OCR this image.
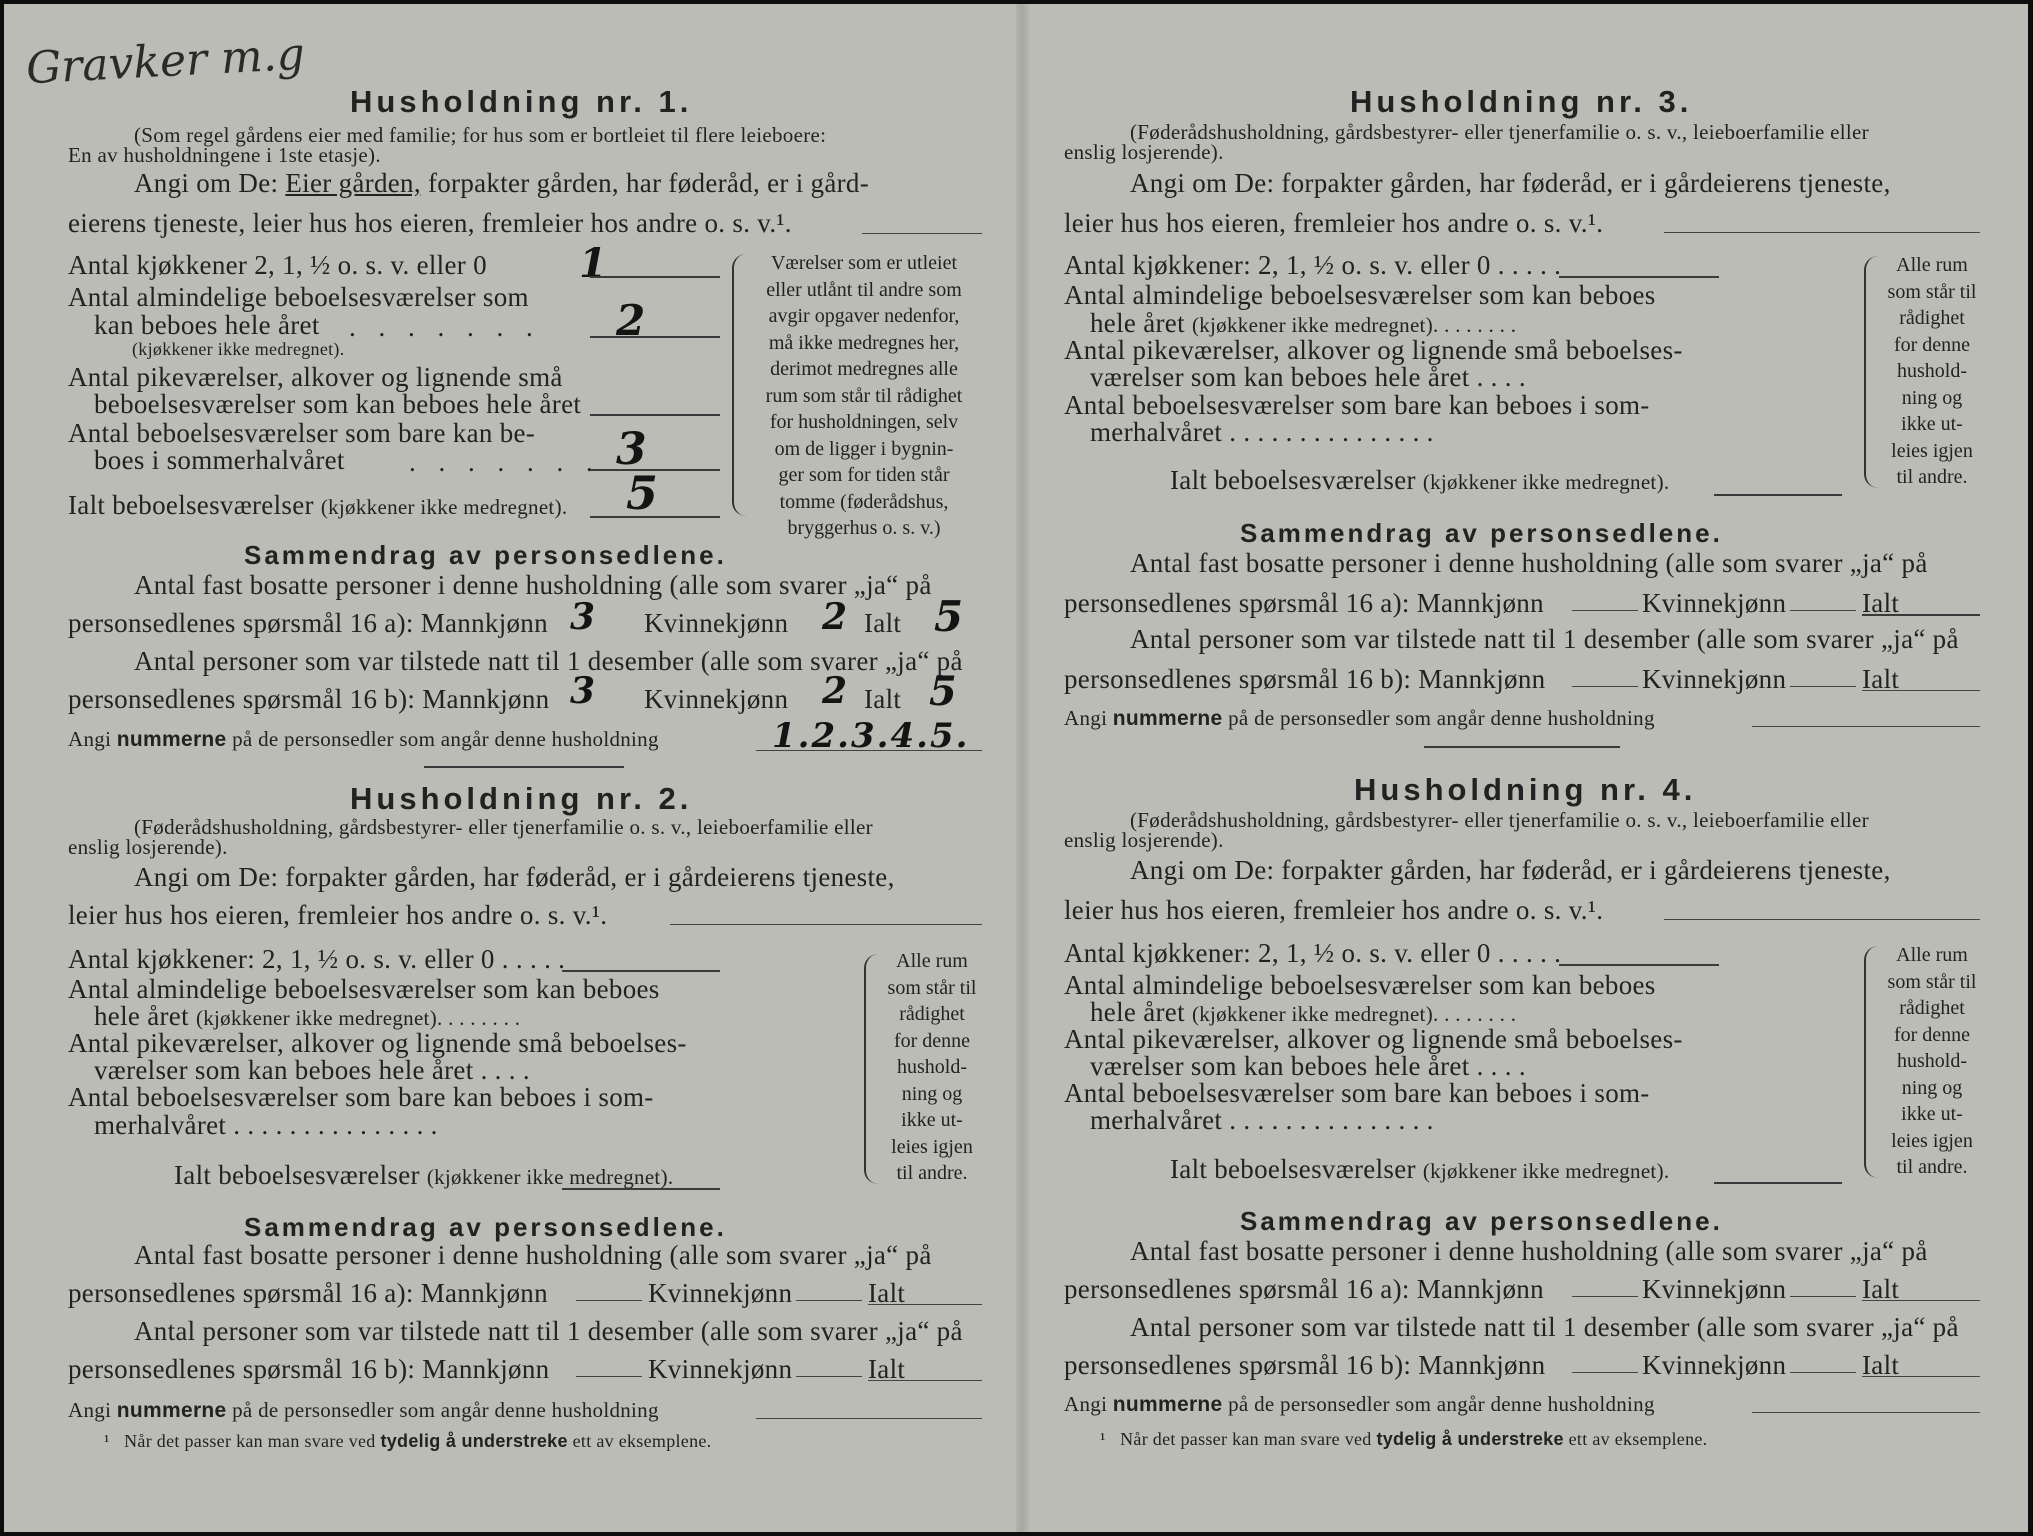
Gravker m.g
Husholdning nr. 1.
(Som regel gårdens eier med familie; for hus som er bortleiet til flere leieboere:
En av husholdningene i 1ste etasje).
Angi om De: Eier gården, forpakter gården, har føderåd, er i gård-
eierens tjeneste, leier hus hos eieren, fremleier hos andre o. s. v.¹.
Antal kjøkkener 2, 1, ½ o. s. v. eller 0 1
Antal almindelige beboelsesværelser som
kan beboes hele året . . . . . . . 2
(kjøkkener ikke medregnet).
Antal pikeværelser, alkover og lignende små
beboelsesværelser som kan beboes hele året
Antal beboelsesværelser som bare kan be-
boes i sommerhalvåret . . . . . . . 3
Ialt beboelsesværelser (kjøkkener ikke medregnet). 5
Værelser som er utleiet
eller utlånt til andre som
avgir opgaver nedenfor,
må ikke medregnes her,
derimot medregnes alle
rum som står til rådighet
for husholdningen, selv
om de ligger i bygnin-
ger som for tiden står
tomme (føderådshus,
bryggerhus o. s. v.)
Sammendrag av personsedlene.
Antal fast bosatte personer i denne husholdning (alle som svarer „ja“ på
personsedlenes spørsmål 16 a): Mannkjønn 3 Kvinnekjønn 2 Ialt 5
Antal personer som var tilstede natt til 1 desember (alle som svarer „ja“ på
personsedlenes spørsmål 16 b): Mannkjønn 3 Kvinnekjønn 2 Ialt 5
Angi nummerne på de personsedler som angår denne husholdning	1.2.3.4.5.
Husholdning nr. 2.
(Føderådshusholdning, gårdsbestyrer- eller tjenerfamilie o. s. v., leieboerfamilie eller
enslig losjerende).
Angi om De: forpakter gården, har føderåd, er i gårdeierens tjeneste,
leier hus hos eieren, fremleier hos andre o. s. v.¹.
Antal kjøkkener: 2, 1, ½ o. s. v. eller 0 . . . . .
Antal almindelige beboelsesværelser som kan beboes
hele året (kjøkkener ikke medregnet). . . . . . . .
Antal pikeværelser, alkover og lignende små beboelses-
værelser som kan beboes hele året . . . .
Antal beboelsesværelser som bare kan beboes i som-
merhalvåret . . . . . . . . . . . . . . .
Ialt beboelsesværelser (kjøkkener ikke medregnet).
Alle rum
som står til
rådighet
for denne
hushold-
ning og
ikke ut-
leies igjen
til andre.
Sammendrag av personsedlene.
Antal fast bosatte personer i denne husholdning (alle som svarer „ja“ på
personsedlenes spørsmål 16 a): Mannkjønn	Kvinnekjønn	Ialt
Antal personer som var tilstede natt til 1 desember (alle som svarer „ja“ på
personsedlenes spørsmål 16 b): Mannkjønn	Kvinnekjønn	Ialt
Angi nummerne på de personsedler som angår denne husholdning
¹ Når det passer kan man svare ved tydelig å understreke ett av eksemplene.
Husholdning nr. 3.
(Føderådshusholdning, gårdsbestyrer- eller tjenerfamilie o. s. v., leieboerfamilie eller
enslig losjerende).
Angi om De: forpakter gården, har føderåd, er i gårdeierens tjeneste,
leier hus hos eieren, fremleier hos andre o. s. v.¹.
Antal kjøkkener: 2, 1, ½ o. s. v. eller 0 . . . . .
Antal almindelige beboelsesværelser som kan beboes
hele året (kjøkkener ikke medregnet). . . . . . . .
Antal pikeværelser, alkover og lignende små beboelses-
værelser som kan beboes hele året . . . .
Antal beboelsesværelser som bare kan beboes i som-
merhalvåret . . . . . . . . . . . . . . .
Ialt beboelsesværelser (kjøkkener ikke medregnet).
Alle rum
som står til
rådighet
for denne
hushold-
ning og
ikke ut-
leies igjen
til andre.
Sammendrag av personsedlene.
Antal fast bosatte personer i denne husholdning (alle som svarer „ja“ på
personsedlenes spørsmål 16 a): Mannkjønn	Kvinnekjønn	Ialt
Antal personer som var tilstede natt til 1 desember (alle som svarer „ja“ på
personsedlenes spørsmål 16 b): Mannkjønn	Kvinnekjønn	Ialt
Angi nummerne på de personsedler som angår denne husholdning
Husholdning nr. 4.
(Føderådshusholdning, gårdsbestyrer- eller tjenerfamilie o. s. v., leieboerfamilie eller
enslig losjerende).
Angi om De: forpakter gården, har føderåd, er i gårdeierens tjeneste,
leier hus hos eieren, fremleier hos andre o. s. v.¹.
Antal kjøkkener: 2, 1, ½ o. s. v. eller 0 . . . . .
Antal almindelige beboelsesværelser som kan beboes
hele året (kjøkkener ikke medregnet). . . . . . . .
Antal pikeværelser, alkover og lignende små beboelses-
værelser som kan beboes hele året . . . .
Antal beboelsesværelser som bare kan beboes i som-
merhalvåret . . . . . . . . . . . . . . .
Ialt beboelsesværelser (kjøkkener ikke medregnet).
Alle rum
som står til
rådighet
for denne
hushold-
ning og
ikke ut-
leies igjen
til andre.
Sammendrag av personsedlene.
Antal fast bosatte personer i denne husholdning (alle som svarer „ja“ på
personsedlenes spørsmål 16 a): Mannkjønn	Kvinnekjønn	Ialt
Antal personer som var tilstede natt til 1 desember (alle som svarer „ja“ på
personsedlenes spørsmål 16 b): Mannkjønn	Kvinnekjønn	Ialt
Angi nummerne på de personsedler som angår denne husholdning
¹ Når det passer kan man svare ved tydelig å understreke ett av eksemplene.
